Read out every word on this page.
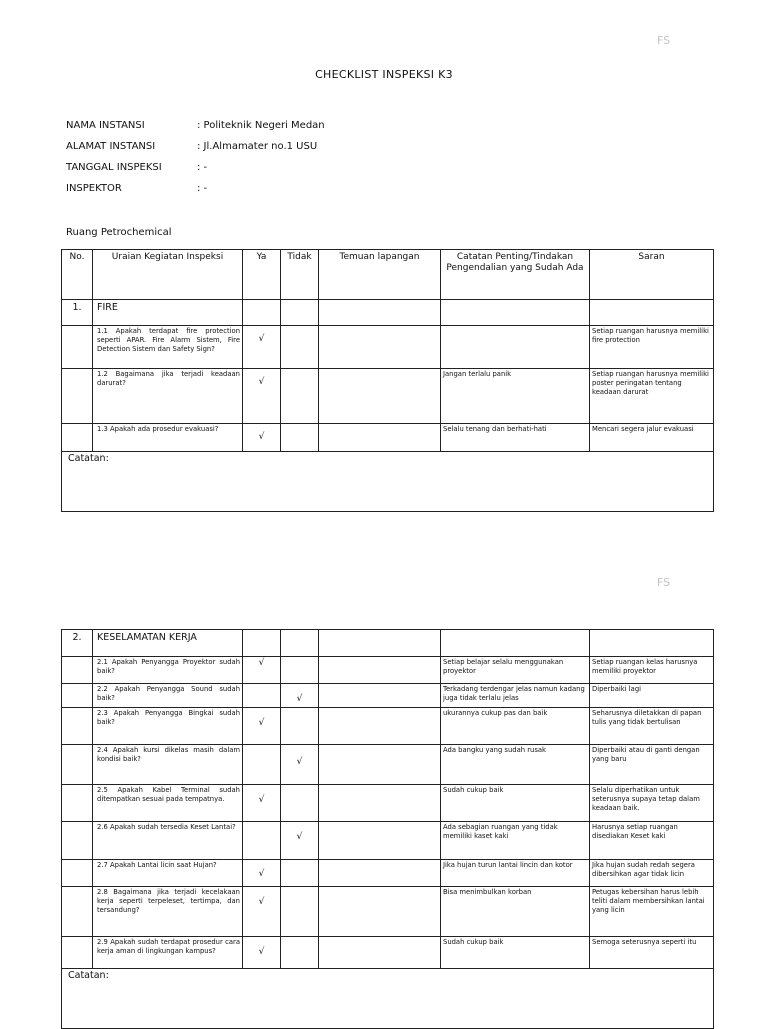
FS
FS
CHECKLIST INSPEKSI K3
NAMA INSTANSI	: Politeknik Negeri Medan
ALAMAT INSTANSI	: Jl.Almamater no.1 USU
TANGGAL INSPEKSI	: -
INSPEKTOR	: -
Ruang Petrochemical
No.	Uraian Kegiatan Inspeksi	Ya	Tidak	Temuan lapangan	Catatan Penting/Tindakan Pengendalian yang Sudah Ada	Saran
1.	FIRE					
	1.1 Apakah terdapat fire protection seperti APAR. Fire Alarm Sistem, Fire Detection Sistem dan Safety Sign?	√				Setiap ruangan harusnya memiliki fire protection
	1.2 Bagaimana jika terjadi keadaan darurat?	√			Jangan terlalu panik	Setiap ruangan harusnya memiliki poster peringatan tentang keadaan darurat
	1.3 Apakah ada prosedur evakuasi?	√			Selalu tenang dan berhati-hati	Mencari segera jalur evakuasi
Catatan:						
2.	KESELAMATAN KERJA					
	2.1 Apakah Penyangga Proyektor sudah baik?	√			Setiap belajar selalu menggunakan proyektor	Setiap ruangan kelas harusnya memiliki proyektor
	2.2 Apakah Penyangga Sound sudah baik?		√		Terkadang terdengar jelas namun kadang juga tidak terlalu jelas	Diperbaiki lagi
	2.3 Apakah Penyangga Bingkai sudah baik?	√			ukurannya cukup pas dan baik	Seharusnya diletakkan di papan tulis yang tidak bertulisan
	2.4 Apakah kursi dikelas masih dalam kondisi baik?		√		Ada bangku yang sudah rusak	Diperbaiki atau di ganti dengan yang baru
	2.5 Apakah Kabel Terminal sudah ditempatkan sesuai pada tempatnya.	√			Sudah cukup baik	Selalu diperhatikan untuk seterusnya supaya tetap dalam keadaan baik.
	2.6 Apakah sudah tersedia Keset Lantai?		√		Ada sebagian ruangan yang tidak memiliki kaset kaki	Harusnya setiap ruangan disediakan Keset kaki
	2.7 Apakah Lantai licin saat Hujan?	√			Jika hujan turun lantai lincin dan kotor	Jika hujan sudah redah segera dibersihkan agar tidak licin
	2.8 Bagaimana jika terjadi kecelakaan kerja seperti terpeleset, tertimpa, dan tersandung?	√			Bisa menimbulkan korban	Petugas kebersihan harus lebih teliti dalam membersihkan lantai yang licin
	2.9 Apakah sudah terdapat prosedur cara kerja aman di lingkungan kampus?	√			Sudah cukup baik	Semoga seterusnya seperti itu
Catatan:						
